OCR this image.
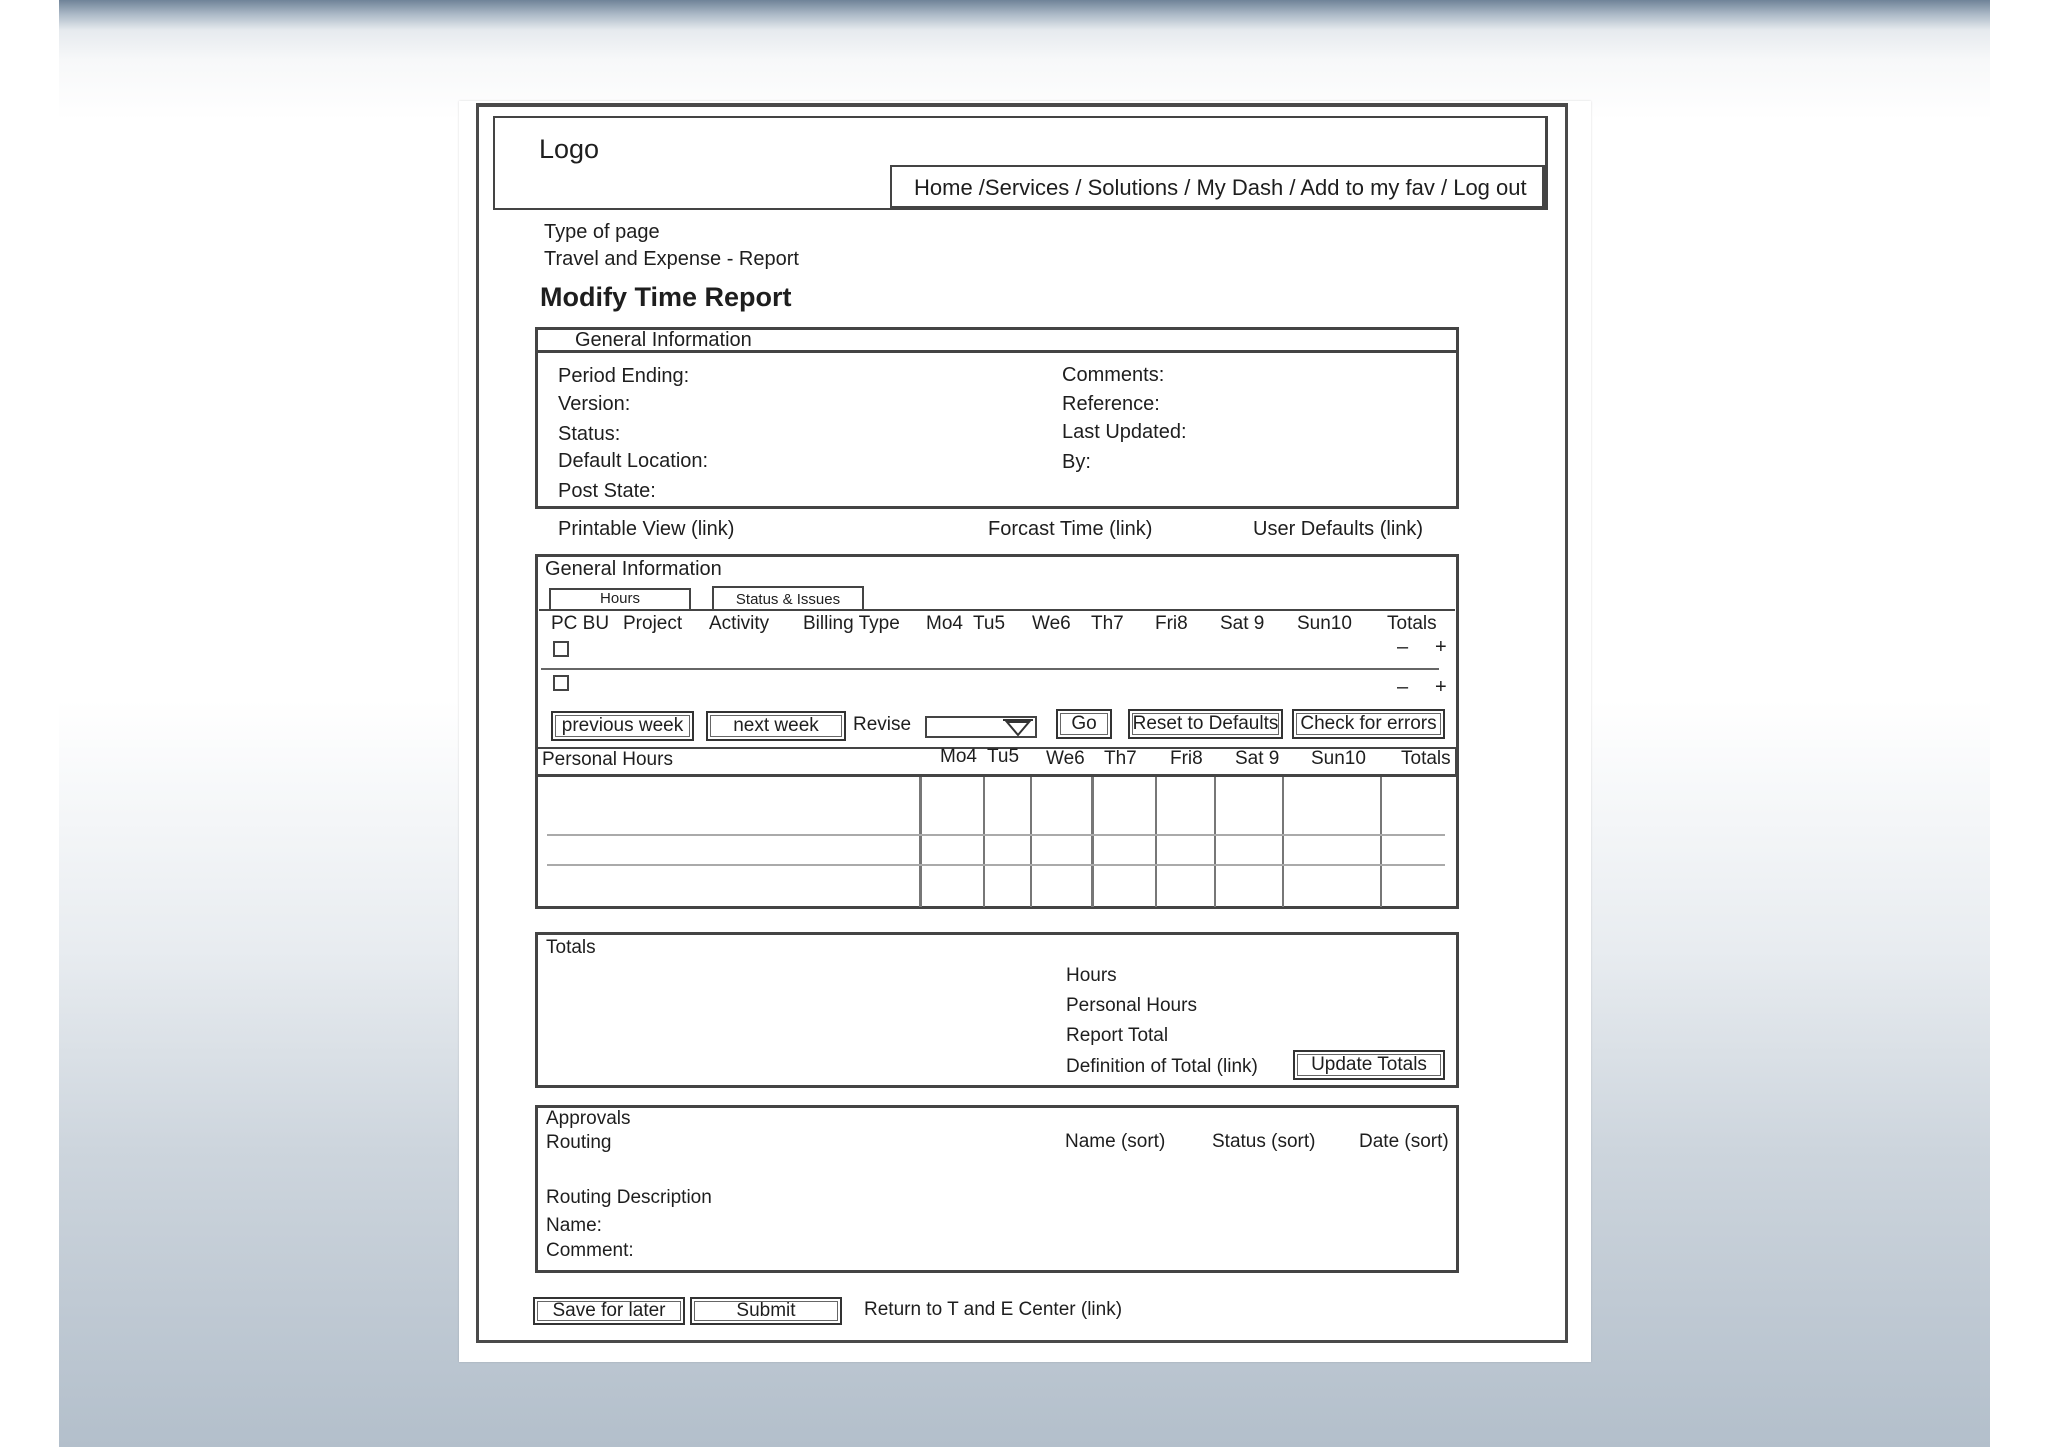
Logo
Home /Services / Solutions / My Dash / Add to my fav / Log out
Type of page
Travel and Expense - Report
Modify Time Report
General Information
Period Ending:
Version:
Status:
Default Location:
Post State:
Comments:
Reference:
Last Updated:
By:
Printable View (link)	Forcast Time (link)	User Defaults (link)
General Information
Hours	Status & Issues
PC BU Project Activity Billing Type Mo4 Tu5 We6 Th7 Fri8 Sat 9 Sun10 Totals
– +
– +
previous week	next week	Revise	Go	Reset to Defaults	Check for errors
Personal Hours	Mo4 Tu5 We6 Th7 Fri8 Sat 9 Sun10 Totals
Totals
Hours
Personal Hours
Report Total
Definition of Total (link)	Update Totals
Approvals
Routing	Name (sort) Status (sort) Date (sort)
Routing Description
Name:
Comment:
Save for later	Submit	Return to T and E Center (link)
